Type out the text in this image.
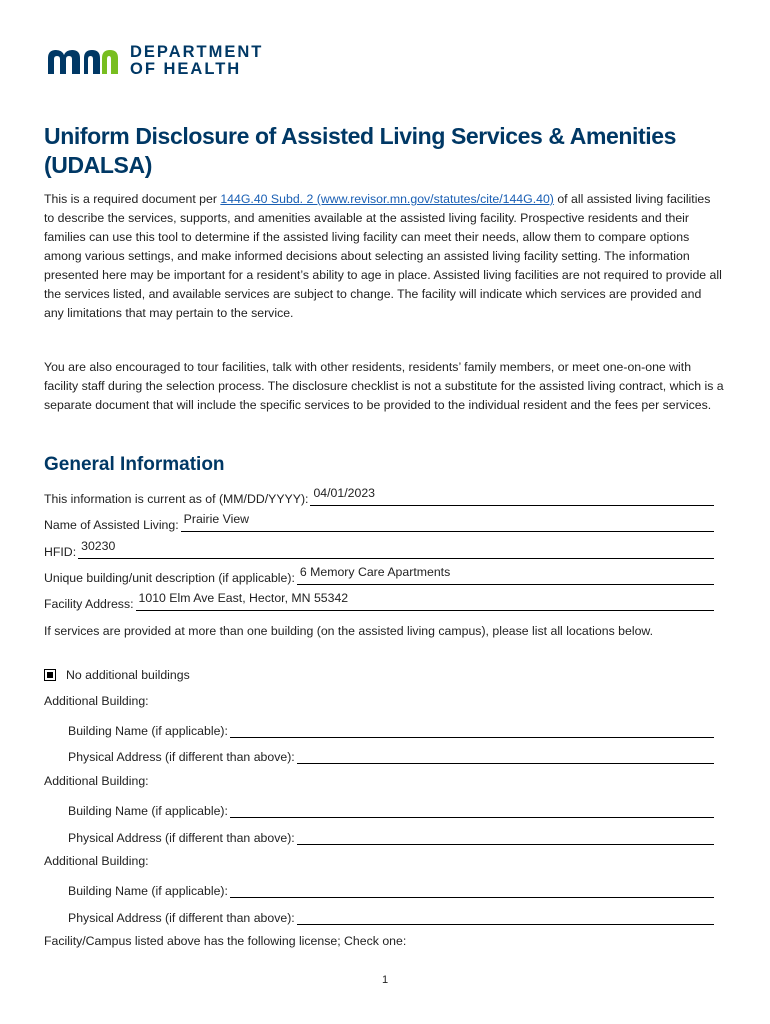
DEPARTMENT
OF HEALTH
Uniform Disclosure of Assisted Living Services & Amenities (UDALSA)

This is a required document per 144G.40 Subd. 2 (www.revisor.mn.gov/statutes/cite/144G.40) of all assisted living facilities to describe the services, supports, and amenities available at the assisted living facility. Prospective residents and their families can use this tool to determine if the assisted living facility can meet their needs, allow them to compare options among various settings, and make informed decisions about selecting an assisted living facility setting. The information presented here may be important for a resident’s ability to age in place. Assisted living facilities are not required to provide all the services listed, and available services are subject to change. The facility will indicate which services are provided and any limitations that may pertain to the service.

You are also encouraged to tour facilities, talk with other residents, residents’ family members, or meet one-on-one with facility staff during the selection process. The disclosure checklist is not a substitute for the assisted living contract, which is a separate document that will include the specific services to be provided to the individual resident and the fees per services.

General Information
This information is current as of (MM/DD/YYYY): 04/01/2023
Name of Assisted Living: Prairie View
HFID: 30230
Unique building/unit description (if applicable): 6 Memory Care Apartments
Facility Address: 1010 Elm Ave East, Hector, MN 55342

If services are provided at more than one building (on the assisted living campus), please list all locations below.

No additional buildings
Additional Building:
Building Name (if applicable):
Physical Address (if different than above):
Additional Building:
Building Name (if applicable):
Physical Address (if different than above):
Additional Building:
Building Name (if applicable):
Physical Address (if different than above):
Facility/Campus listed above has the following license; Check one:
1
